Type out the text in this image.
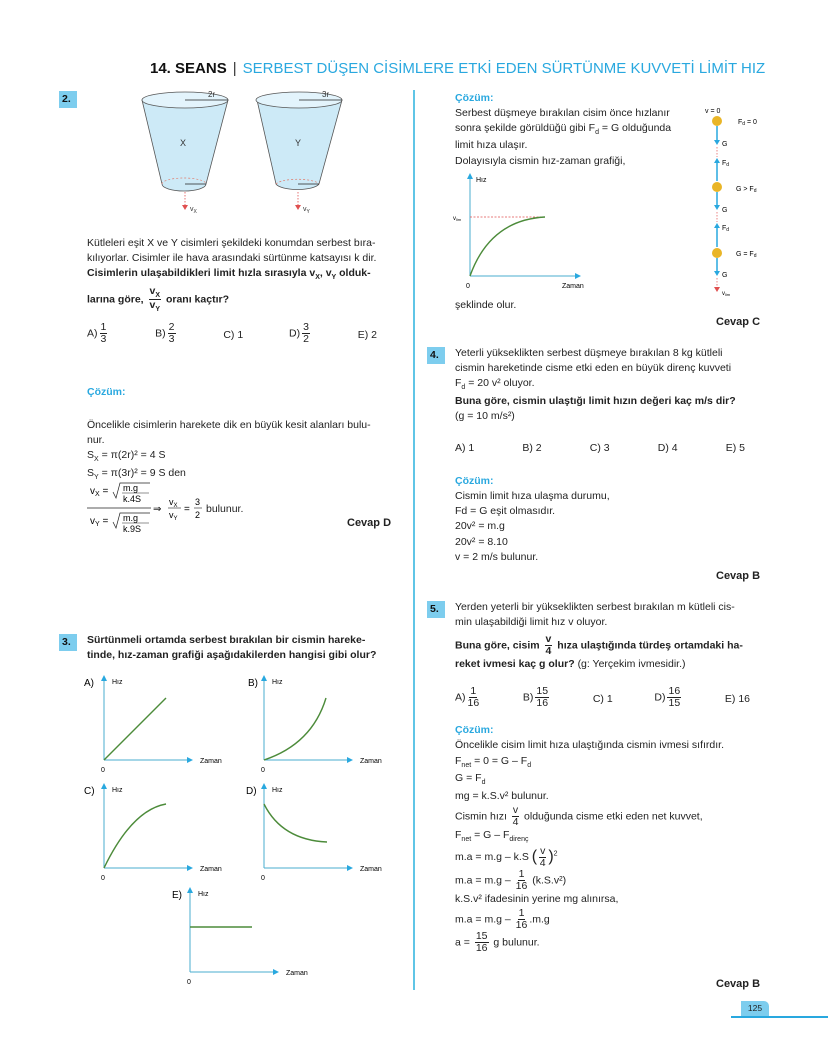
14. SEANS | SERBEST DÜŞEN CİSİMLERE ETKİ EDEN SÜRTÜNME KUVVETİ LİMİT HIZ
2.	2r
X
$v_X$
3r
Y
$v_Y$
Kütleleri eşit X ve Y cisimleri şekildeki konumdan serbest bıra-
kılıyorlar. Cisimler ile hava arasındaki sürtünme katsayısı k dir.
Cisimlerin ulaşabildikleri limit hızla sırasıyla $v_X$, $v_Y$ olduk-
larına göre, $\frac{v_X}{v_Y}$ oranı kaçtır?
$A) \frac{1}{3}$	$B) \frac{2}{3}$	C) 1	$D) \frac{3}{2}$	E) 2
Çözüm:
Öncelikle cisimlerin harekete dik en büyük kesit alanları bulu-
nur.
$S_X = \pi(2r)^2 = 4$ S
$S_Y = \pi(3r)^2 = 9$ S den
$v_X = m.g$
k.4S
$v_Y = m.g$
k.9S
⇒
$v_X$
$v_Y$
=
3
2 bulunur.
Cevap D
3.	Sürtünmeli ortamda serbest bırakılan bir cismin hareke-
tinde, hız-zaman grafiği aşağıdakilerden hangisi gibi olur?
A)	Hız
Zaman
0
B) Hız
Zaman
0
C) Hız
Zaman
0
D) Hız
Zaman
0
E) Hız
Zaman
0
Çözüm:
Serbest düşmeye bırakılan cisim önce hızlanır
sonra şekilde görüldüğü gibi $F_d = G$ olduğunda
limit hıza ulaşır.
Dolayısıyla cismin hız-zaman grafiği,
Hız
vlim
0	Zaman
şeklinde olur.
v = 0
Fd = 0
G
Fd
G > Fd
G
Fd
G = Fd
G
vlim
Cevap C
4.	Yeterli yükseklikten serbest düşmeye bırakılan 8 kg kütleli
cismin hareketinde cisme etki eden en büyük direnç kuvveti
$F_d = 20$ v² oluyor.
Buna göre, cismin ulaştığı limit hızın değeri kaç m/s dir?
(g = 10 m/s²)
A) 1	B) 2	C) 3	D) 4	E) 5
Çözüm:
Cismin limit hıza ulaşma durumu,
Fd = G eşit olmasıdır.
20v² = m.g
20v² = 8.10
v = 2 m/s bulunur.
Cevap B
5.	Yerden yeterli bir yükseklikten serbest bırakılan m kütleli cis-
min ulaşabildiği limit hız v oluyor.
Buna göre, cisim $\frac{v}{4}$ hıza ulaştığında türdeş ortamdaki ha-
reket ivmesi kaç g olur? (g: Yerçekim ivmesidir.)
$A) \frac{1}{16}$	$B) \frac{15}{16}$	C) 1	$D) \frac{16}{15}$	E) 16
Çözüm:
Öncelikle cisim limit hıza ulaştığında cismin ivmesi sıfırdır.
$F_{net} = 0 = G - F_d$
$G = F_d$
mg = k.S.v² bulunur.
Cismin hızı $\frac{v}{4}$ olduğunda cisme etki eden net kuvvet,
$F_{net} = G - F_{direnç}$
m.a = m.g – k.S ( $\frac{v}{4} )^2$
$m.a = m.g - \frac{1}{16} (k.S.v^2)$
k.S.v² ifadesinin yerine mg alınırsa,
$m.a = m.g - \frac{1}{16} .m.g$
$a = \frac{15}{16}$ g bulunur.
Cevap B
125
